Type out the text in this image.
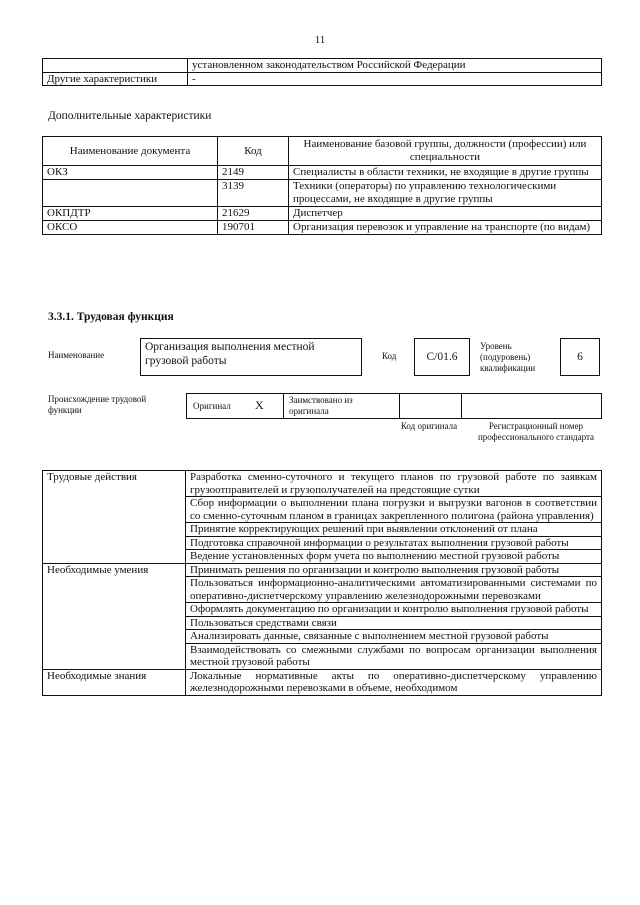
11
	установленном законодательством Российской Федерации
Другие характеристики	-
Дополнительные характеристики
Наименование документа	Код	Наименование базовой группы, должности (профессии) или специальности
ОКЗ	2149	Специалисты в области техники, не входящие в другие группы
	3139	Техники (операторы) по управлению технологическими процессами, не входящие в другие группы
ОКПДТР	21629	Диспетчер
ОКСО	190701	Организация перевозок и управление на транспорте (по видам)
3.3.1. Трудовая функция
Наименование
Организация выполнения местной грузовой работы	Код	С/01.6
Уровень (подуровень) квалификации
6
Происхождение трудовой функции	Оригинал X	Заимствовано из оригинала
Код оригинала	Регистрационный номер профессионального стандарта
Трудовые действия	Разработка сменно-суточного и текущего планов по грузовой работе по заявкам грузоотправителей и грузополучателей на предстоящие сутки
	Сбор информации о выполнении плана погрузки и выгрузки вагонов в соответствии со сменно-суточным планом в границах закрепленного полигона (района управления)
	Принятие корректирующих решений при выявлении отклонений от плана
	Подготовка справочной информации о результатах выполнения грузовой работы
	Ведение установленных форм учета по выполнению местной грузовой работы
Необходимые умения	Принимать решения по организации и контролю выполнения грузовой работы
	Пользоваться информационно-аналитическими автоматизированными системами по оперативно-диспетчерскому управлению железнодорожными перевозками
	Оформлять документацию по организации и контролю выполнения грузовой работы
	Пользоваться средствами связи
	Анализировать данные, связанные с выполнением местной грузовой работы
	Взаимодействовать со смежными службами по вопросам организации выполнения местной грузовой работы
Необходимые знания	Локальные нормативные акты по оперативно-диспетчерскому управлению железнодорожными перевозками в объеме, необходимом
